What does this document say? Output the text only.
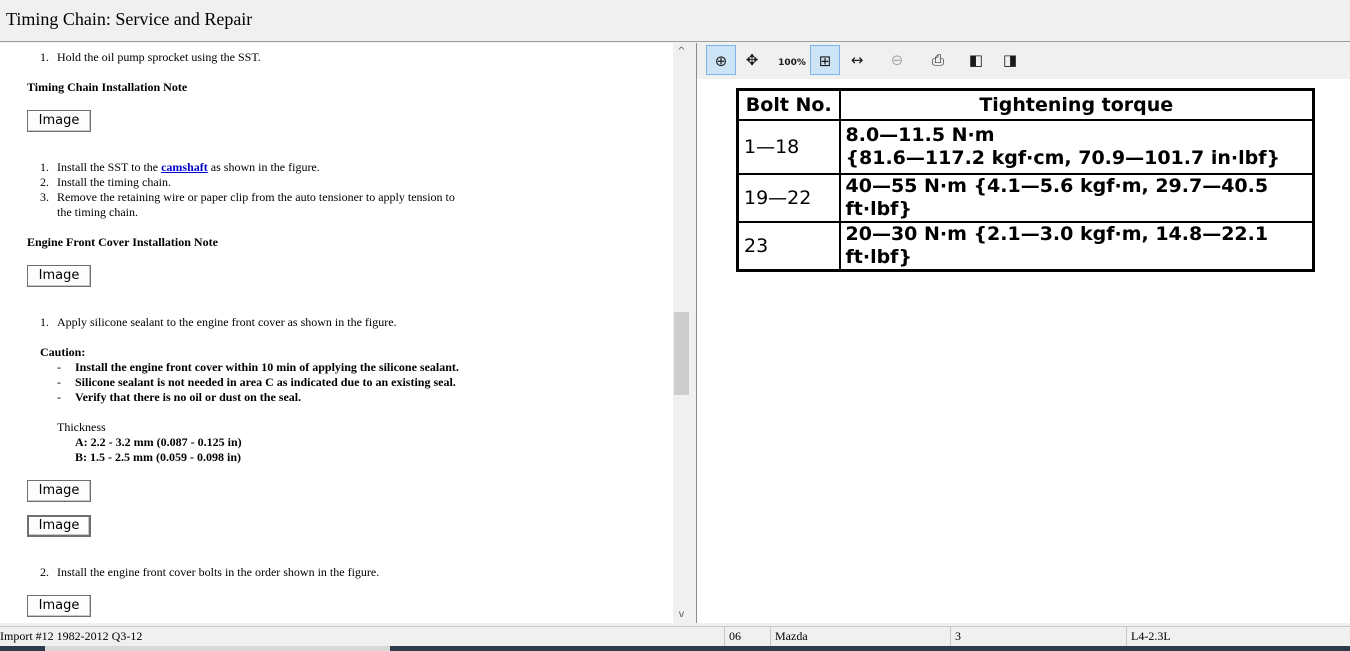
Timing Chain: Service and Repair
1. Hold the oil pump sprocket using the SST.
Timing Chain Installation Note
Image
1. Install the SST to the camshaft as shown in the figure.
2. Install the timing chain.
3. Remove the retaining wire or paper clip from the auto tensioner to apply tension to
the timing chain.
Engine Front Cover Installation Note
Image
1. Apply silicone sealant to the engine front cover as shown in the figure.
Caution:
- Install the engine front cover within 10 min of applying the silicone sealant.
- Silicone sealant is not needed in area C as indicated due to an existing seal.
- Verify that there is no oil or dust on the seal.
Thickness
A: 2.2 - 3.2 mm (0.087 - 0.125 in)
B: 1.5 - 2.5 mm (0.059 - 0.098 in)
Image
Image
2. Install the engine front cover bolts in the order shown in the figure.
Image
^
v
⊕	✥	100% ⊞	↔	⊖	⎙	◧	◨
Bolt No.	Tightening torque
1—18	8.0—11.5 N·m
{81.6—117.2 kgf·cm, 70.9—101.7 in·lbf}

19—22	40—55 N·m {4.1—5.6 kgf·m, 29.7—40.5 ft·lbf}
23	20—30 N·m {2.1—3.0 kgf·m, 14.8—22.1 ft·lbf}
Import #12 1982-2012 Q3-12	06	Mazda	3	L4-2.3L
